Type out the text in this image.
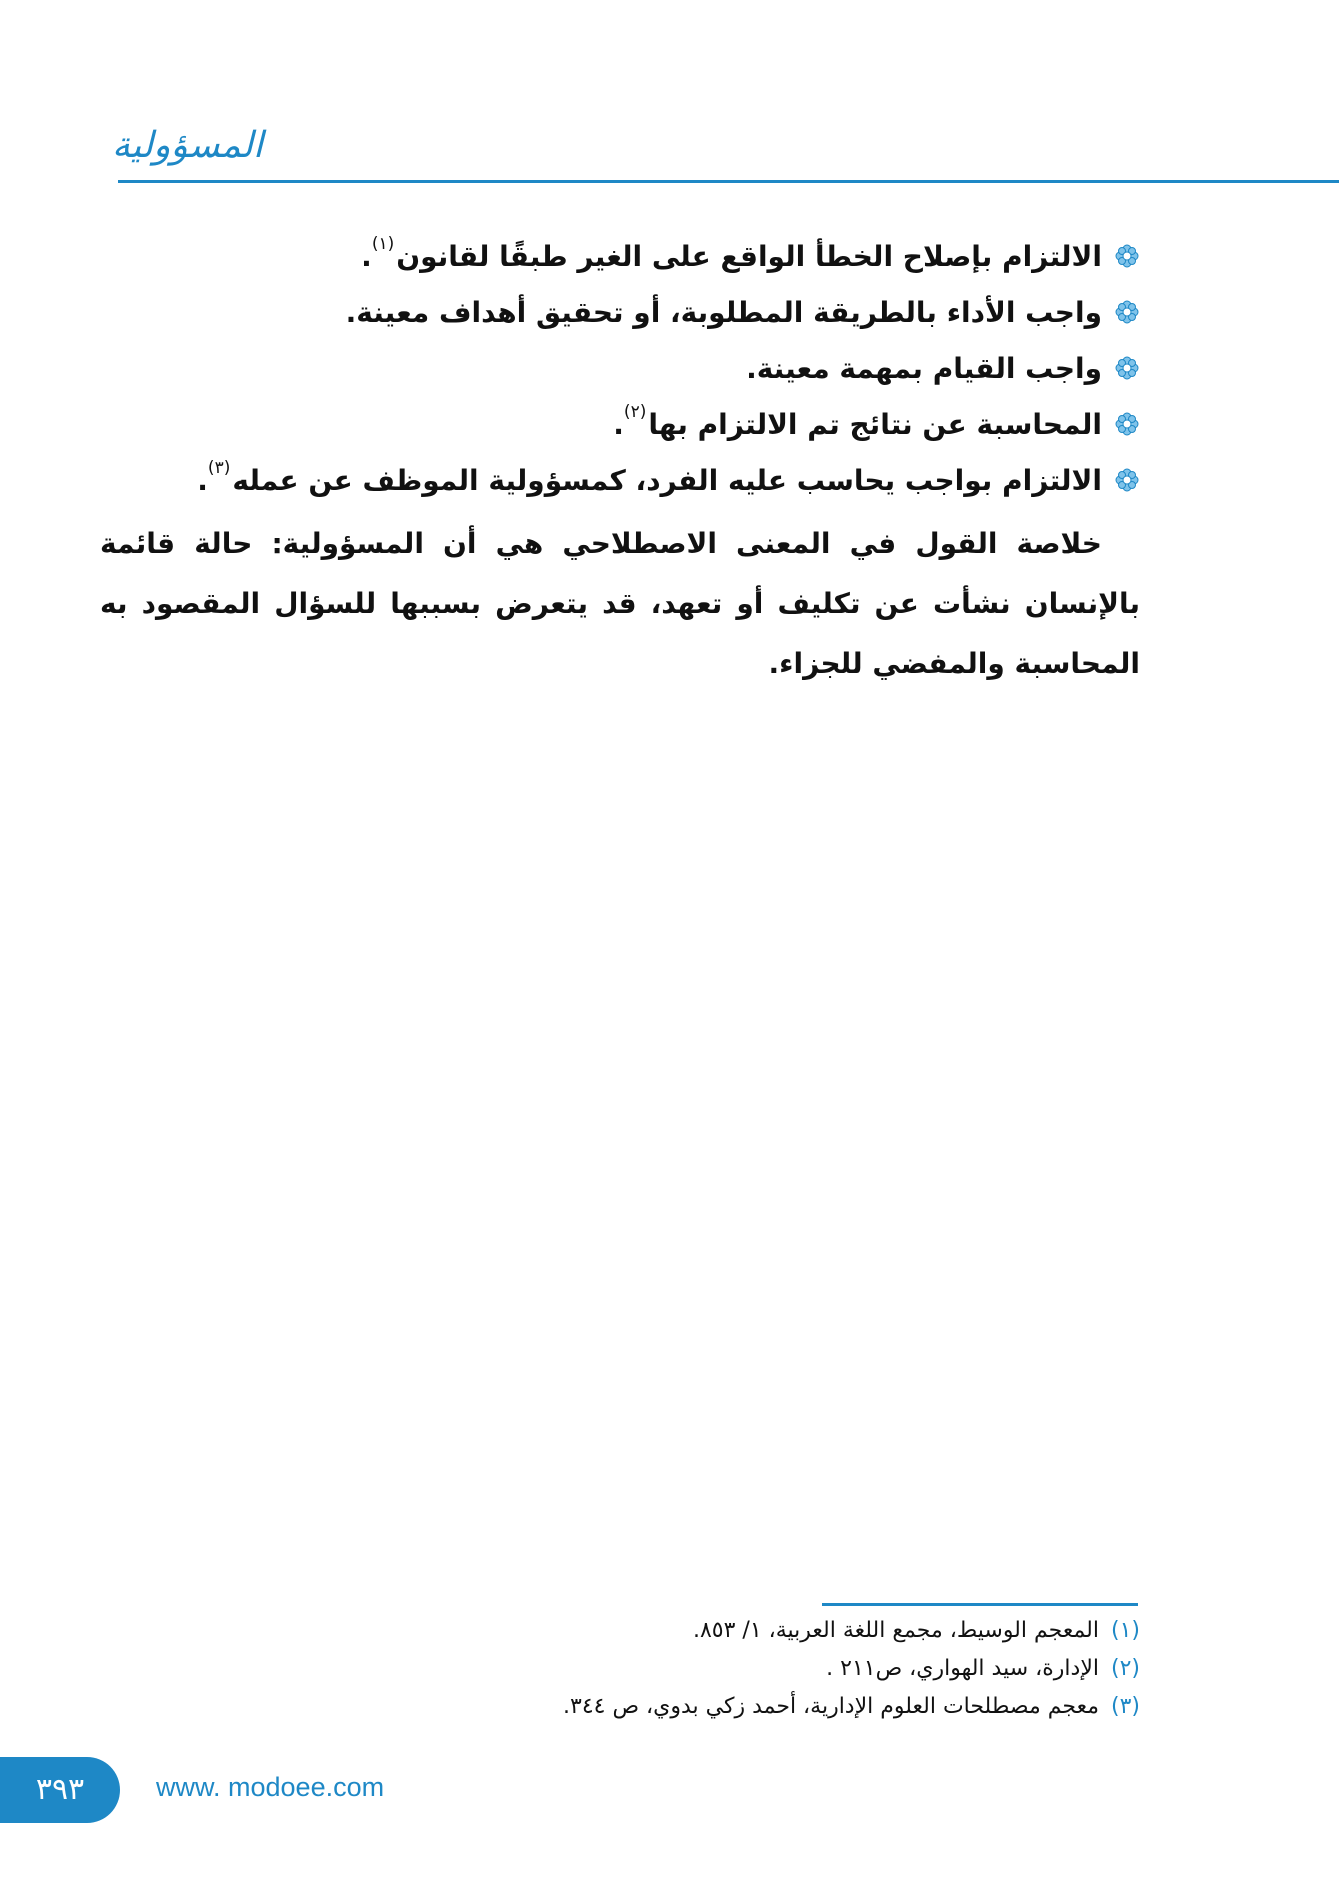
المسؤولية
الالتزام بإصلاح الخطأ الواقع على الغير طبقًا لقانون
(١)
.
واجب الأداء بالطريقة المطلوبة، أو تحقيق أهداف معينة.
واجب القيام بمهمة معينة.
المحاسبة عن نتائج تم الالتزام بها
(٢)
.
الالتزام بواجب يحاسب عليه الفرد، كمسؤولية الموظف عن عمله
(٣)
.

خلاصة القول في المعنى الاصطلاحي هي أن المسؤولية: حالة قائمة بالإنسان نشأت عن تكليف أو تعهد، قد يتعرض بسببها للسؤال المقصود به المحاسبة والمفضي للجزاء.

(١)المعجم الوسيط، مجمع اللغة العربية، ١/ ٨٥٣.
(٢)الإدارة، سيد الهواري، ص٢١١ .
(٣)معجم مصطلحات العلوم الإدارية، أحمد زكي بدوي، ص ٣٤٤.
٣٩٣	www. modoee.com
